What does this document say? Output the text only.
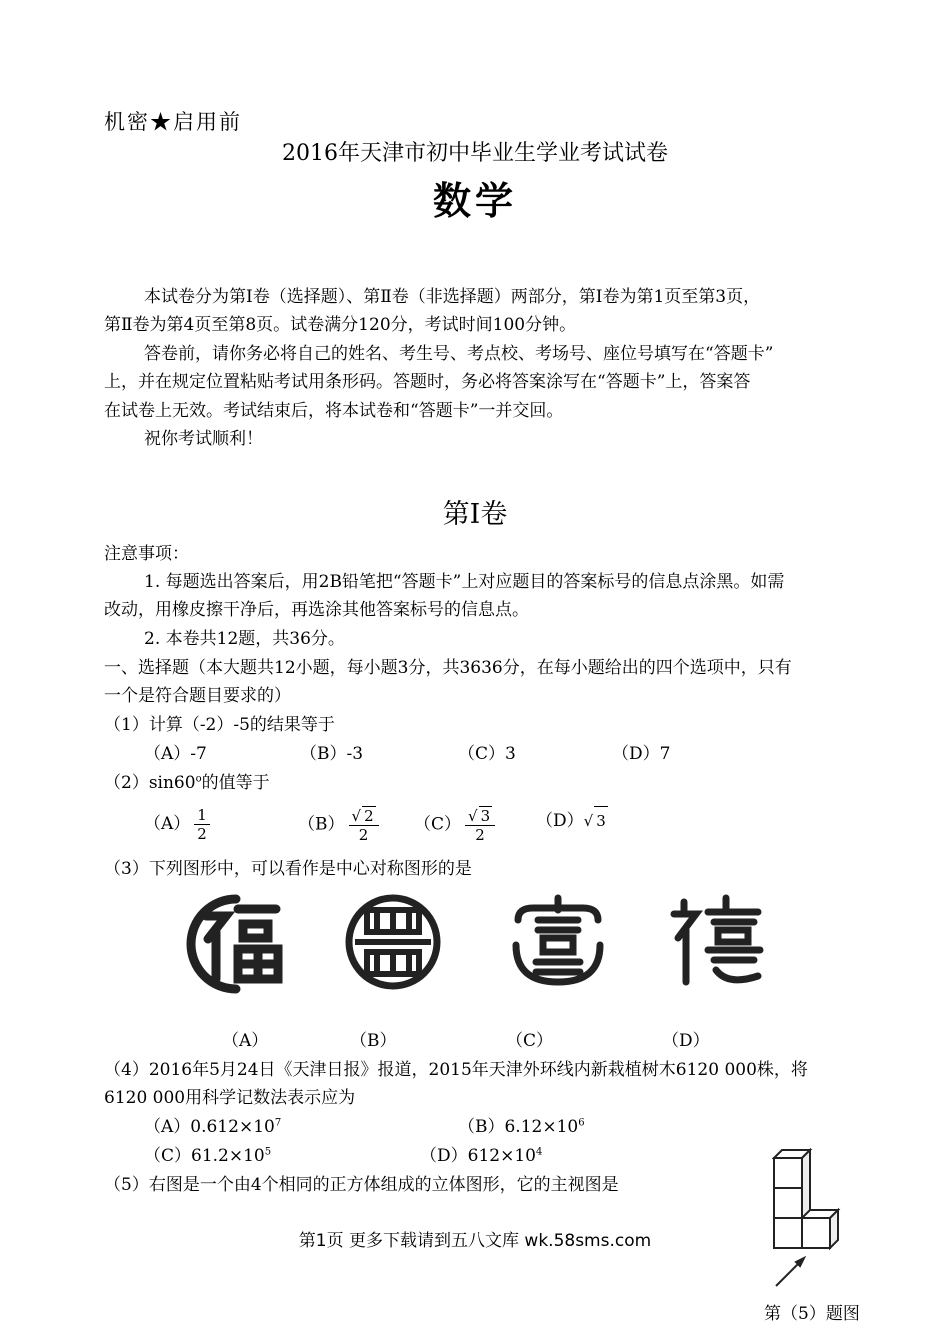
机密★启用前
2016年天津市初中毕业生学业考试试卷
数学
本试卷分为第Ⅰ卷（选择题）、第Ⅱ卷（非选择题）两部分，第Ⅰ卷为第1页至第3页，
第Ⅱ卷为第4页至第8页。试卷满分120分，考试时间100分钟。
答卷前，请你务必将自己的姓名、考生号、考点校、考场号、座位号填写在“答题卡”
上，并在规定位置粘贴考试用条形码。答题时，务必将答案涂写在“答题卡”上，答案答
在试卷上无效。考试结束后，将本试卷和“答题卡”一并交回。
祝你考试顺利！
第Ⅰ卷
注意事项：
1. 每题选出答案后，用2B铅笔把“答题卡”上对应题目的答案标号的信息点涂黑。如需
改动，用橡皮擦干净后，再选涂其他答案标号的信息点。
2. 本卷共12题，共36分。
一、选择题（本大题共12小题，每小题3分，共3636分，在每小题给出的四个选项中，只有
一个是符合题目要求的）
（1）计算（-2）-5的结果等于
（A）-7	（B）-3	（C）3	（D）7
（2）sin60$^o$的值等于
$(A) \frac{1}{2}$	$(B) \frac{√ 2}{2} (C) \frac{√ 3}{2} (D)√$ 3
（3）下列图形中，可以看作是中心对称图形的是
（A）	（B）	（C）	（D）
（4）2016年5月24日《天津日报》报道，2015年天津外环线内新栽植树木6120 000株，将
6120 000用科学记数法表示应为
$(A)0.612\times 10^7$	$(B)6.12\times 10^6$
$(C)61.2\times 10^5$	$(D)612\times 10^4$
（5）右图是一个由4个相同的正方体组成的立体图形，它的主视图是
第（5）题图
第1页 更多下载请到五八文库 wk.58sms.com
